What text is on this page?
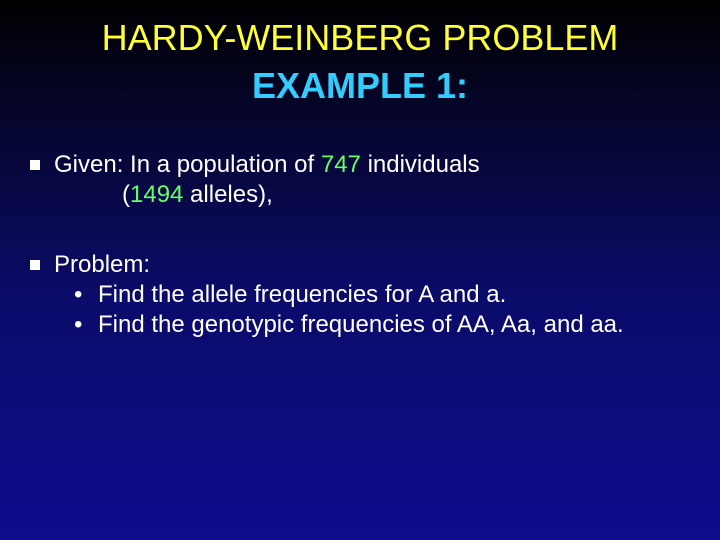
HARDY-WEINBERG PROBLEM
EXAMPLE 1:
Given: In a population of 747 individuals
(1494 alleles),
Problem:
• Find the allele frequencies for A and a.
• Find the genotypic frequencies of AA, Aa, and aa.
